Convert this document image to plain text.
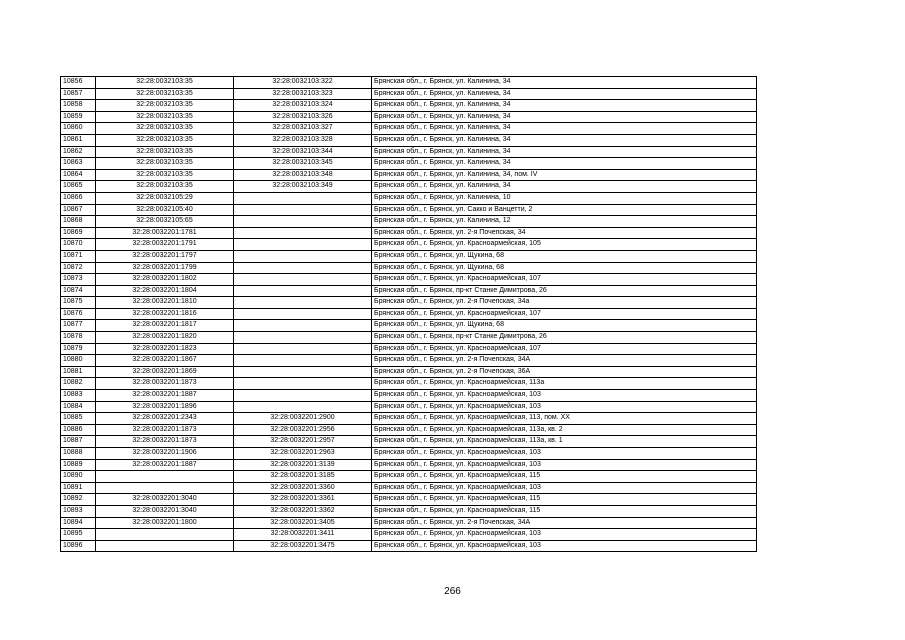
10856	32:28:0032103:35	32:28:0032103:322	Брянская обл., г. Брянск, ул. Калинина, 34
10857	32:28:0032103:35	32:28:0032103:323	Брянская обл., г. Брянск, ул. Калинина, 34
10858	32:28:0032103:35	32:28:0032103:324	Брянская обл., г. Брянск, ул. Калинина, 34
10859	32:28:0032103:35	32:28:0032103:326	Брянская обл., г. Брянск, ул. Калинина, 34
10860	32:28:0032103:35	32:28:0032103:327	Брянская обл., г. Брянск, ул. Калинина, 34
10861	32:28:0032103:35	32:28:0032103:328	Брянская обл., г. Брянск, ул. Калинина, 34
10862	32:28:0032103:35	32:28:0032103:344	Брянская обл., г. Брянск, ул. Калинина, 34
10863	32:28:0032103:35	32:28:0032103:345	Брянская обл., г. Брянск, ул. Калинина, 34
10864	32:28:0032103:35	32:28:0032103:348	Брянская обл., г. Брянск, ул. Калинина, 34, пом. IV
10865	32:28:0032103:35	32:28:0032103:349	Брянская обл., г. Брянск, ул. Калинина, 34
10866	32:28:0032105:29		Брянская обл., г. Брянск, ул. Калинина, 10
10867	32:28:0032105:40		Брянская обл., г. Брянск, ул. Сакко и Ванцетти, 2
10868	32:28:0032105:65		Брянская обл., г. Брянск, ул. Калинина, 12
10869	32:28:0032201:1781		Брянская обл., г. Брянск, ул. 2-я Почепская, 34
10870	32:28:0032201:1791		Брянская обл., г. Брянск, ул. Красноармейская, 105
10871	32:28:0032201:1797		Брянская обл., г. Брянск, ул. Щукина, 68
10872	32:28:0032201:1799		Брянская обл., г. Брянск, ул. Щукина, 68
10873	32:28:0032201:1802		Брянская обл., г. Брянск, ул. Красноармейская, 107
10874	32:28:0032201:1804		Брянская обл., г. Брянск, пр-кт Станке Димитрова, 26
10875	32:28:0032201:1810		Брянская обл., г. Брянск, ул. 2-я Почепская, 34а
10876	32:28:0032201:1816		Брянская обл., г. Брянск, ул. Красноармейская, 107
10877	32:28:0032201:1817		Брянская обл., г. Брянск, ул. Щукина, 68
10878	32:28:0032201:1820		Брянская обл., г. Брянск, пр-кт Станке Димитрова, 26
10879	32:28:0032201:1823		Брянская обл., г. Брянск, ул. Красноармейская, 107
10880	32:28:0032201:1867		Брянская обл., г. Брянск, ул. 2-я Почепская, 34А
10881	32:28:0032201:1869		Брянская обл., г. Брянск, ул. 2-я Почепская, 36А
10882	32:28:0032201:1873		Брянская обл., г. Брянск, ул. Красноармейская, 113а
10883	32:28:0032201:1887		Брянская обл., г. Брянск, ул. Красноармейская, 103
10884	32:28:0032201:1896		Брянская обл., г. Брянск, ул. Красноармейская, 103
10885	32:28:0032201:2343	32:28:0032201:2900	Брянская обл., г. Брянск, ул. Красноармейская, 113, пом. XX
10886	32:28:0032201:1873	32:28:0032201:2956	Брянская обл., г. Брянск, ул. Красноармейская, 113а, кв. 2
10887	32:28:0032201:1873	32:28:0032201:2957	Брянская обл., г. Брянск, ул. Красноармейская, 113а, кв. 1
10888	32:28:0032201:1906	32:28:0032201:2963	Брянская обл., г. Брянск, ул. Красноармейская, 103
10889	32:28:0032201:1887	32:28:0032201:3139	Брянская обл., г. Брянск, ул. Красноармейская, 103
10890		32:28:0032201:3185	Брянская обл., г. Брянск, ул. Красноармейская, 115
10891		32:28:0032201:3360	Брянская обл., г. Брянск, ул. Красноармейская, 103
10892	32:28:0032201:3040	32:28:0032201:3361	Брянская обл., г. Брянск, ул. Красноармейская, 115
10893	32:28:0032201:3040	32:28:0032201:3362	Брянская обл., г. Брянск, ул. Красноармейская, 115
10894	32:28:0032201:1800	32:28:0032201:3405	Брянская обл., г. Брянск, ул. 2-я Почепская, 34А
10895		32:28:0032201:3411	Брянская обл., г. Брянск, ул. Красноармейская, 103
10896		32:28:0032201:3475	Брянская обл., г. Брянск, ул. Красноармейская, 103
266
